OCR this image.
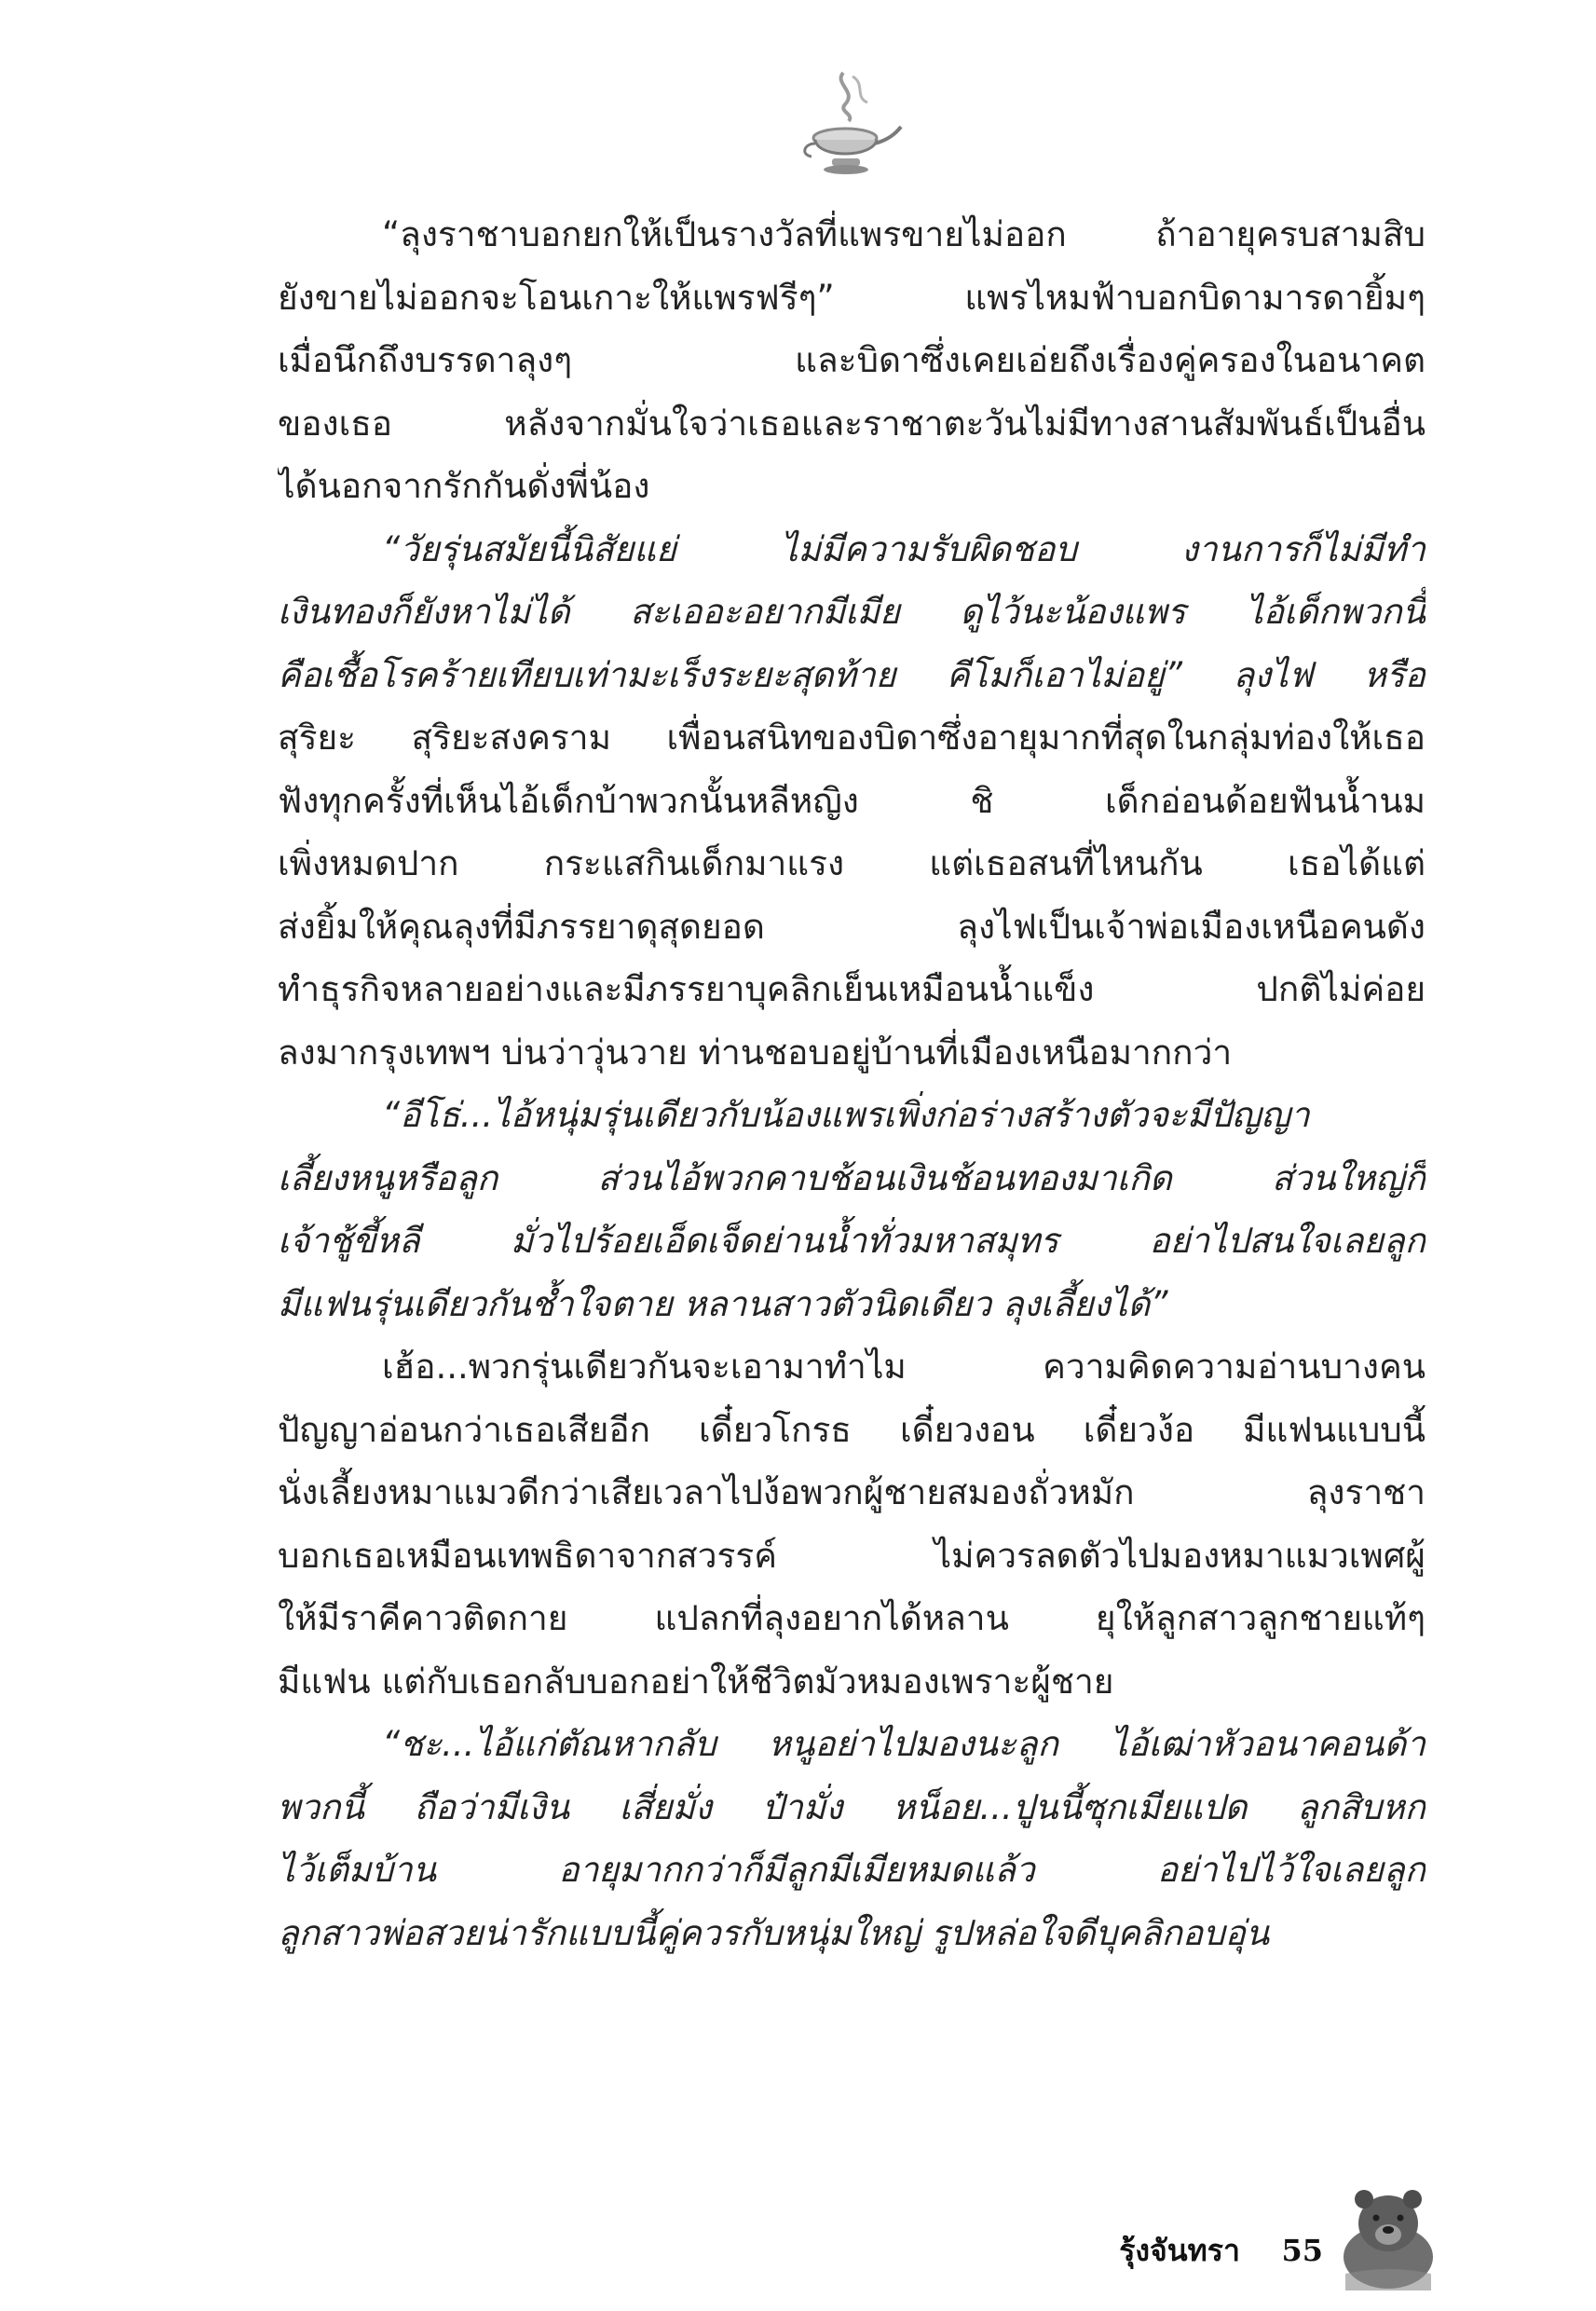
“ลุงราชาบอกยกให้เป็นรางวัลที่แพรขายไม่ออก ถ้าอายุครบสามสิบ
ยังขายไม่ออกจะโอนเกาะให้แพรฟรีๆ” แพรไหมฟ้าบอกบิดามารดายิ้มๆ
เมื่อนึกถึงบรรดาลุงๆ และบิดาซึ่งเคยเอ่ยถึงเรื่องคู่ครองในอนาคต
ของเธอ หลังจากมั่นใจว่าเธอและราชาตะวันไม่มีทางสานสัมพันธ์เป็นอื่น
ได้นอกจากรักกันดั่งพี่น้อง
“วัยรุ่นสมัยนี้นิสัยแย่ ไม่มีความรับผิดชอบ งานการก็ไม่มีทำ
เงินทองก็ยังหาไม่ได้ สะเออะอยากมีเมีย ดูไว้นะน้องแพร ไอ้เด็กพวกนี้
คือเชื้อโรคร้ายเทียบเท่ามะเร็งระยะสุดท้าย คีโมก็เอาไม่อยู่” ลุงไฟ หรือ
สุริยะ สุริยะสงคราม เพื่อนสนิทของบิดาซึ่งอายุมากที่สุดในกลุ่มท่องให้เธอ
ฟังทุกครั้งที่เห็นไอ้เด็กบ้าพวกนั้นหลีหญิง ชิ เด็กอ่อนด้อยฟันน้ำนม
เพิ่งหมดปาก กระแสกินเด็กมาแรง แต่เธอสนที่ไหนกัน เธอได้แต่
ส่งยิ้มให้คุณลุงที่มีภรรยาดุสุดยอด ลุงไฟเป็นเจ้าพ่อเมืองเหนือคนดัง
ทำธุรกิจหลายอย่างและมีภรรยาบุคลิกเย็นเหมือนน้ำแข็ง ปกติไม่ค่อย
ลงมากรุงเทพฯ บ่นว่าวุ่นวาย ท่านชอบอยู่บ้านที่เมืองเหนือมากกว่า
“อีโธ่...ไอ้หนุ่มรุ่นเดียวกับน้องแพรเพิ่งก่อร่างสร้างตัวจะมีปัญญา
เลี้ยงหนูหรือลูก ส่วนไอ้พวกคาบช้อนเงินช้อนทองมาเกิด ส่วนใหญ่ก็
เจ้าชู้ขี้หลี มั่วไปร้อยเอ็ดเจ็ดย่านน้ำทั่วมหาสมุทร อย่าไปสนใจเลยลูก
มีแฟนรุ่นเดียวกันช้ำใจตาย หลานสาวตัวนิดเดียว ลุงเลี้ยงได้”
เฮ้อ...พวกรุ่นเดียวกันจะเอามาทำไม ความคิดความอ่านบางคน
ปัญญาอ่อนกว่าเธอเสียอีก เดี๋ยวโกรธ เดี๋ยวงอน เดี๋ยวง้อ มีแฟนแบบนี้
นั่งเลี้ยงหมาแมวดีกว่าเสียเวลาไปง้อพวกผู้ชายสมองถั่วหมัก ลุงราชา
บอกเธอเหมือนเทพธิดาจากสวรรค์ ไม่ควรลดตัวไปมองหมาแมวเพศผู้
ให้มีราคีคาวติดกาย แปลกที่ลุงอยากได้หลาน ยุให้ลูกสาวลูกชายแท้ๆ
มีแฟน แต่กับเธอกลับบอกอย่าให้ชีวิตมัวหมองเพราะผู้ชาย
“ชะ...ไอ้แก่ตัณหากลับ หนูอย่าไปมองนะลูก ไอ้เฒ่าหัวอนาคอนด้า
พวกนี้ ถือว่ามีเงิน เสี่ยมั่ง ป๋ามั่ง หน็อย...ปูนนี้ซุกเมียแปด ลูกสิบหก
ไว้เต็มบ้าน อายุมากกว่าก็มีลูกมีเมียหมดแล้ว อย่าไปไว้ใจเลยลูก
ลูกสาวพ่อสวยน่ารักแบบนี้คู่ควรกับหนุ่มใหญ่ รูปหล่อใจดีบุคลิกอบอุ่น
รุ้งจันทรา 55
